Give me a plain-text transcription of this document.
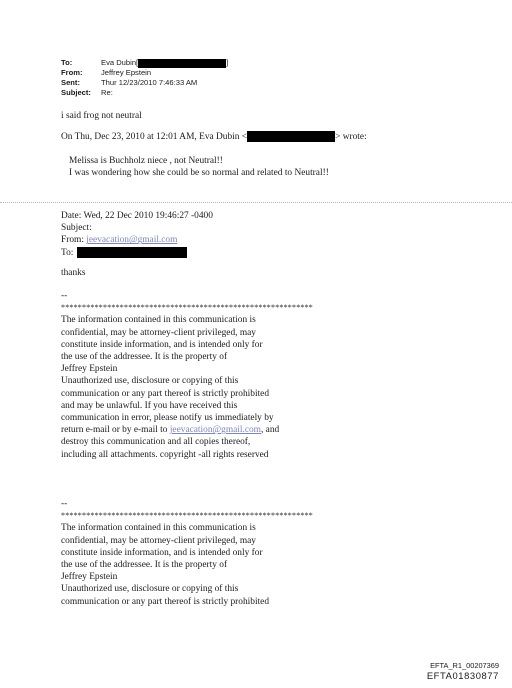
To:	Eva Dubin[	]
From: Jeffrey Epstein
Sent:	Thur 12/23/2010 7:46:33 AM
Subject: Re:
i said frog not neutral
On Thu, Dec 23, 2010 at 12:01 AM, Eva Dubin <	> wrote:
Melissa is Buchholz niece , not Neutral!!
I was wondering how she could be so normal and related to Neutral!!
Date: Wed, 22 Dec 2010 19:46:27 -0400
Subject:
From: jeevacation@gmail.com
To:
thanks
--
************************************************************
The information contained in this communication is
confidential, may be attorney-client privileged, may
constitute inside information, and is intended only for
the use of the addressee. It is the property of
Jeffrey Epstein
Unauthorized use, disclosure or copying of this
communication or any part thereof is strictly prohibited
and may be unlawful. If you have received this
communication in error, please notify us immediately by
return e-mail or by e-mail to jeevacation@gmail.com, and
destroy this communication and all copies thereof,
including all attachments. copyright -all rights reserved
--
************************************************************
The information contained in this communication is
confidential, may be attorney-client privileged, may
constitute inside information, and is intended only for
the use of the addressee. It is the property of
Jeffrey Epstein
Unauthorized use, disclosure or copying of this
communication or any part thereof is strictly prohibited
EFTA_R1_00207369
EFTA01830877
